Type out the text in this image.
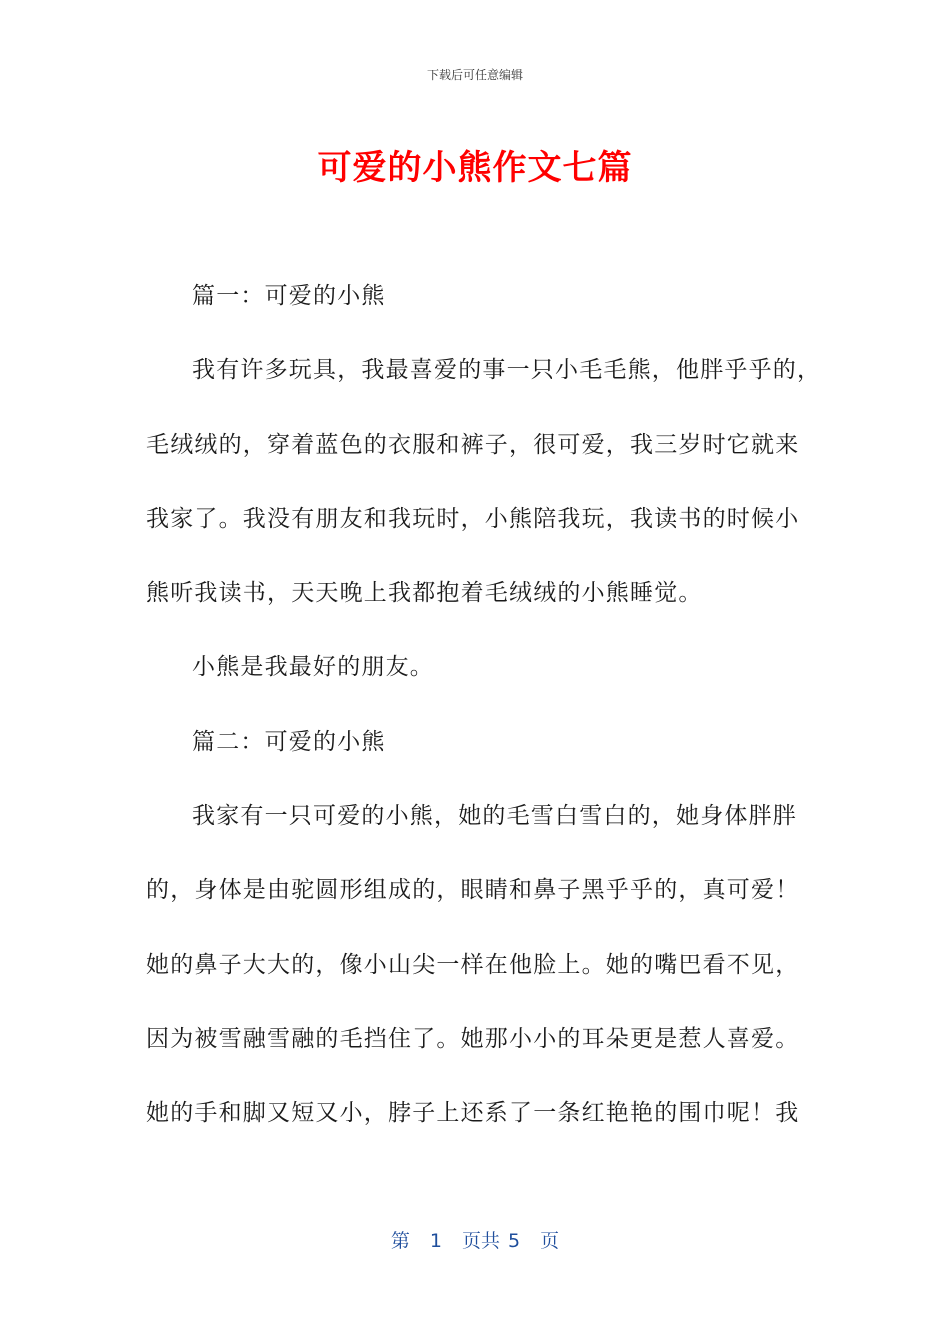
下载后可任意编辑
可爱的小熊作文七篇
篇一：可爱的小熊
我有许多玩具，我最喜爱的事一只小毛毛熊，他胖乎乎的，
毛绒绒的，穿着蓝色的衣服和裤子，很可爱，我三岁时它就来
我家了。我没有朋友和我玩时，小熊陪我玩，我读书的时候小
熊听我读书，天天晚上我都抱着毛绒绒的小熊睡觉。
小熊是我最好的朋友。
篇二：可爱的小熊
我家有一只可爱的小熊，她的毛雪白雪白的，她身体胖胖
的，身体是由驼圆形组成的，眼睛和鼻子黑乎乎的，真可爱！
她的鼻子大大的，像小山尖一样在他脸上。她的嘴巴看不见，
因为被雪融雪融的毛挡住了。她那小小的耳朵更是惹人喜爱。
她的手和脚又短又小，脖子上还系了一条红艳艳的围巾呢！我
第 1 页共 5 页
